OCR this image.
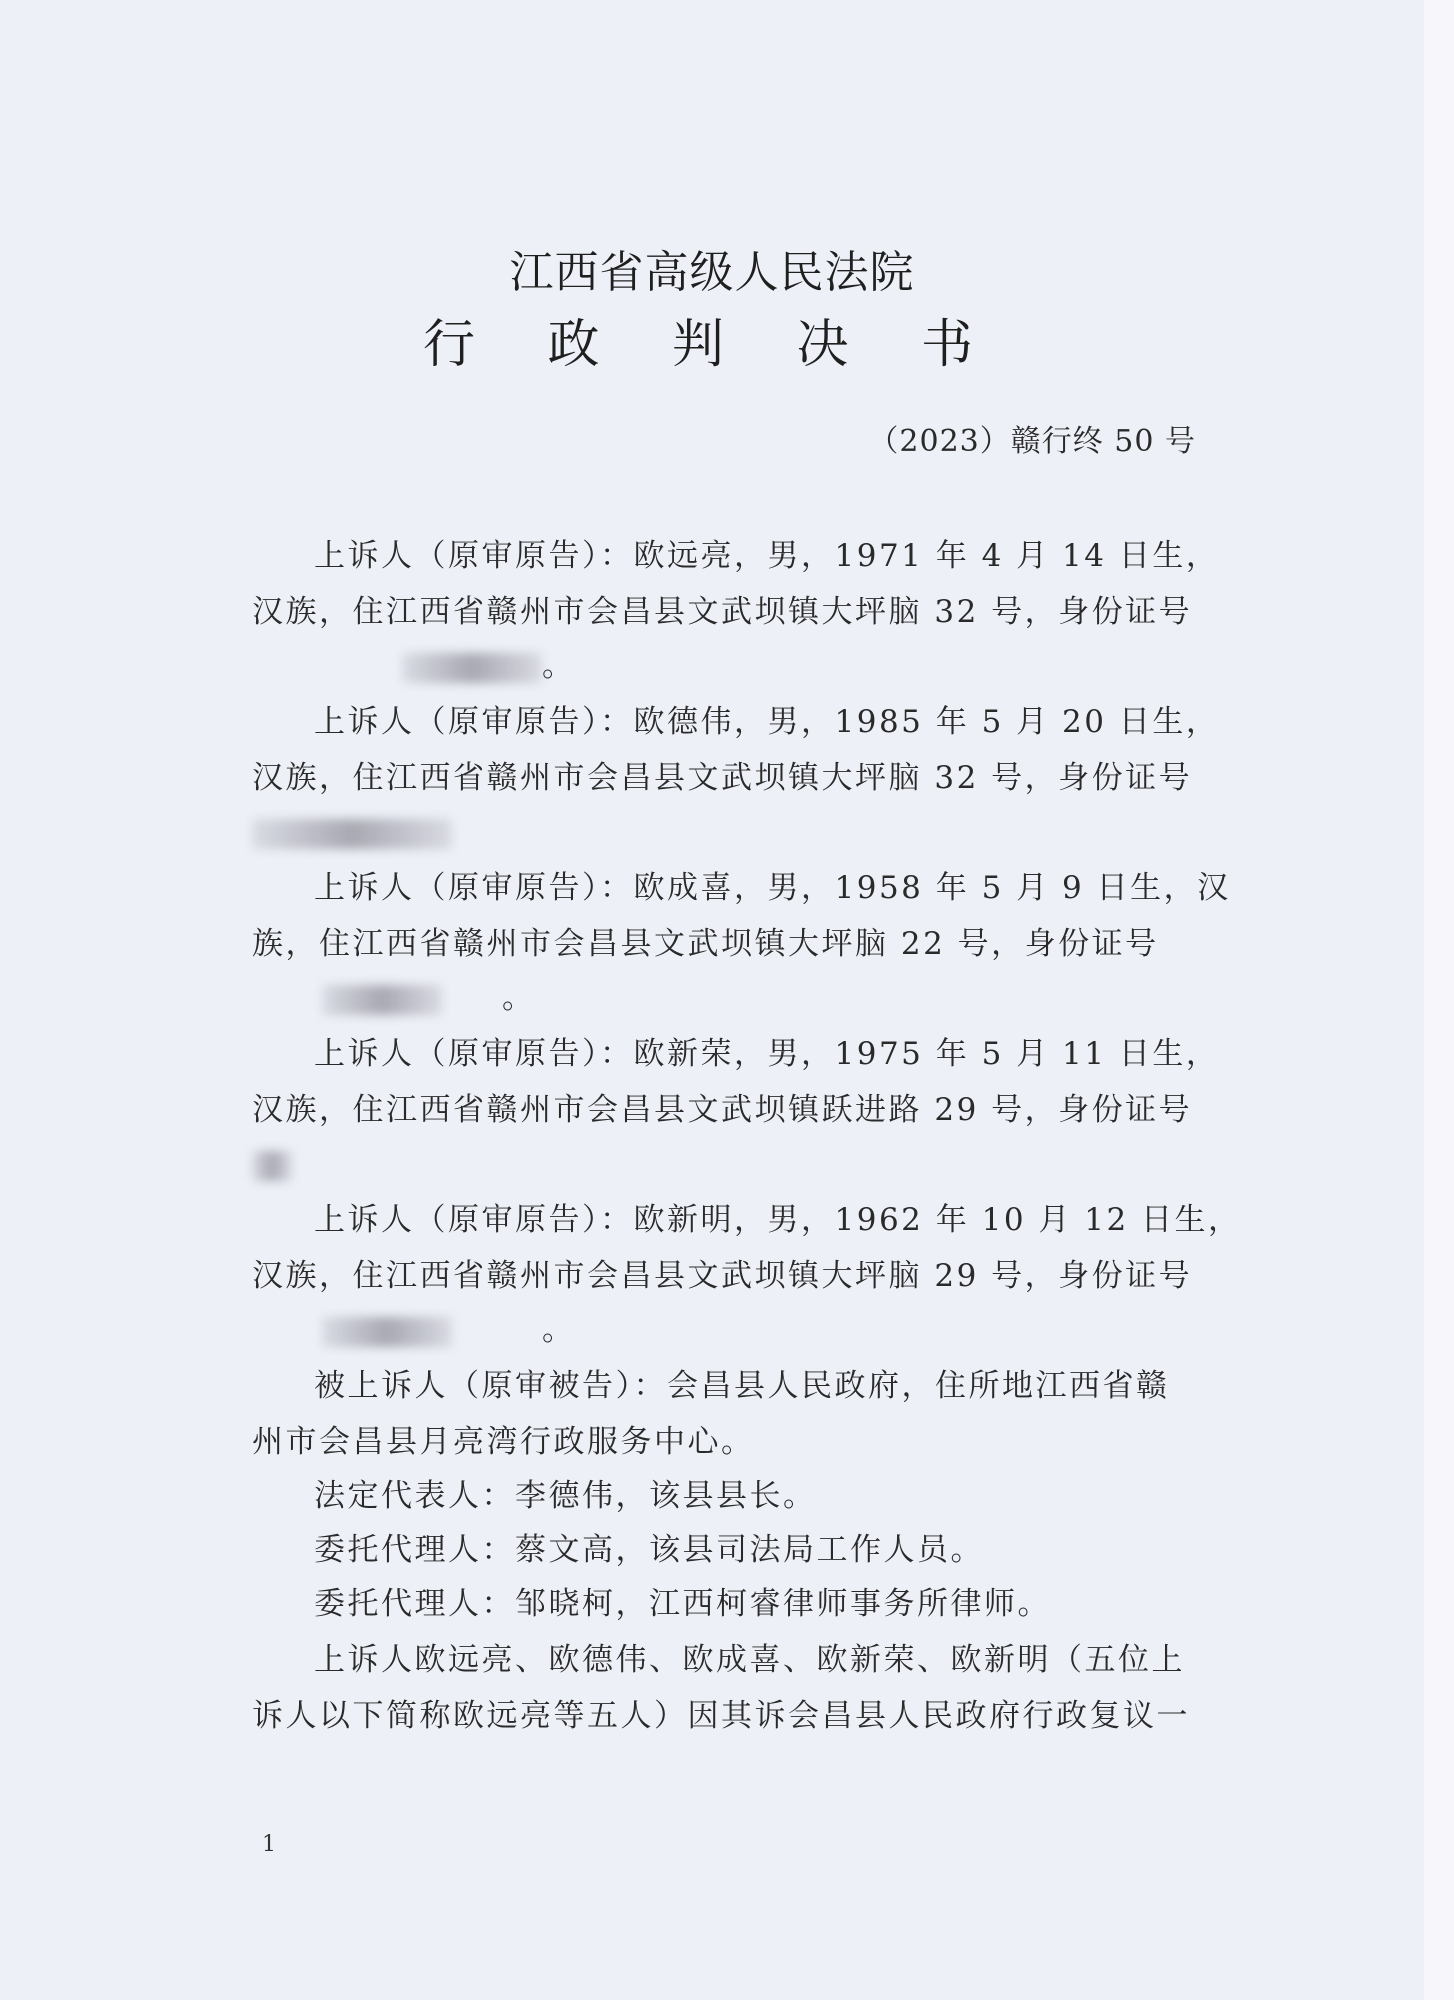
江西省高级人民法院
行 政 判 决 书
（2023）赣行终 50 号
上诉人（原审原告）：欧远亮，男，1971 年 4 月 14 日生，
汉族，住江西省赣州市会昌县文武坝镇大坪脑 32 号，身份证号
。
上诉人（原审原告）：欧德伟，男，1985 年 5 月 20 日生，
汉族，住江西省赣州市会昌县文武坝镇大坪脑 32 号，身份证号
上诉人（原审原告）：欧成喜，男，1958 年 5 月 9 日生，汉
族，住江西省赣州市会昌县文武坝镇大坪脑 22 号，身份证号
。
上诉人（原审原告）：欧新荣，男，1975 年 5 月 11 日生，
汉族，住江西省赣州市会昌县文武坝镇跃进路 29 号，身份证号
上诉人（原审原告）：欧新明，男，1962 年 10 月 12 日生，
汉族，住江西省赣州市会昌县文武坝镇大坪脑 29 号，身份证号
。
被上诉人（原审被告）：会昌县人民政府，住所地江西省赣
州市会昌县月亮湾行政服务中心。
法定代表人：李德伟，该县县长。
委托代理人：蔡文高，该县司法局工作人员。
委托代理人：邹晓柯，江西柯睿律师事务所律师。
上诉人欧远亮、欧德伟、欧成喜、欧新荣、欧新明（五位上
诉人以下简称欧远亮等五人）因其诉会昌县人民政府行政复议一
1
